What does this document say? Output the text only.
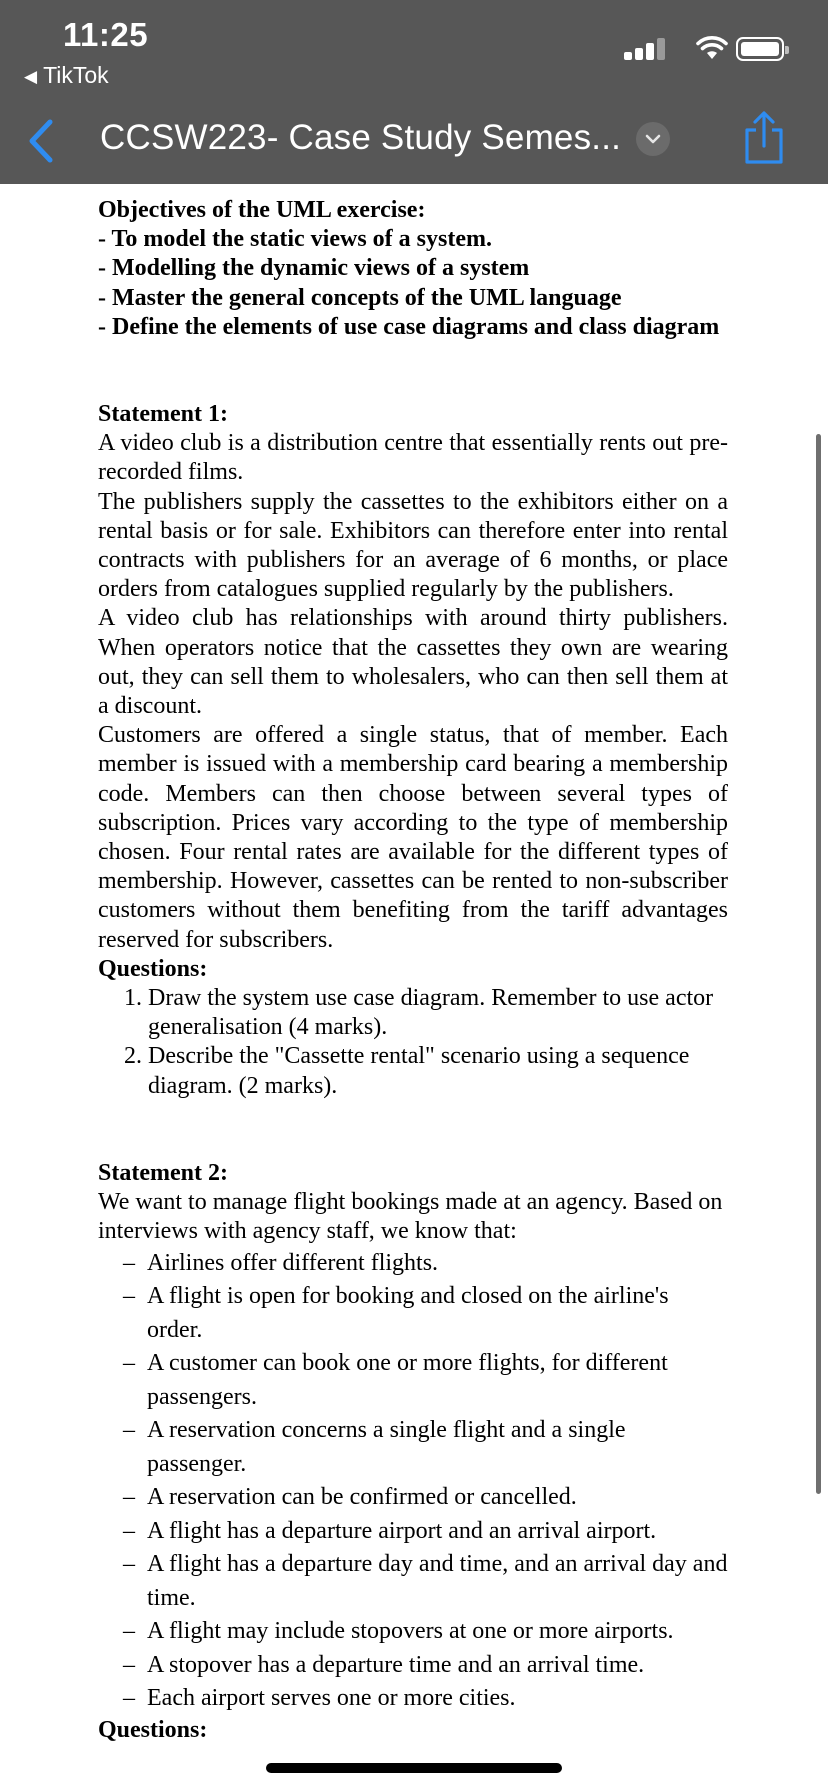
11:25
◀ TikTok
CCSW223- Case Study Semes...

Objectives of the UML exercise:

- To model the static views of a system.

- Modelling the dynamic views of a system

- Master the general concepts of the UML language

- Define the elements of use case diagrams and class diagram

Statement 1:

A video club is a distribution centre that essentially rents out pre-recorded films.

The publishers supply the cassettes to the exhibitors either on a rental basis or for sale. Exhibitors can therefore enter into rental contracts with publishers for an average of 6 months, or place orders from catalogues supplied regularly by the publishers.

A video club has relationships with around thirty publishers. When operators notice that the cassettes they own are wearing out, they can sell them to wholesalers, who can then sell them at a discount.

Customers are offered a single status, that of member. Each member is issued with a membership card bearing a membership code. Members can then choose between several types of subscription. Prices vary according to the type of membership chosen. Four rental rates are available for the different types of membership. However, cassettes can be rented to non-subscriber customers without them benefiting from the tariff advantages reserved for subscribers.

Questions:

1. Draw the system use case diagram. Remember to use actor generalisation (4 marks).
2. Describe the "Cassette rental" scenario using a sequence diagram. (2 marks).

Statement 2:

We want to manage flight bookings made at an agency. Based on interviews with agency staff, we know that:

– Airlines offer different flights.
– A flight is open for booking and closed on the airline's order.
– A customer can book one or more flights, for different passengers.
– A reservation concerns a single flight and a single passenger.
– A reservation can be confirmed or cancelled.
– A flight has a departure airport and an arrival airport.
– A flight has a departure day and time, and an arrival day and time.
– A flight may include stopovers at one or more airports.
– A stopover has a departure time and an arrival time.
– Each airport serves one or more cities.

Questions:
